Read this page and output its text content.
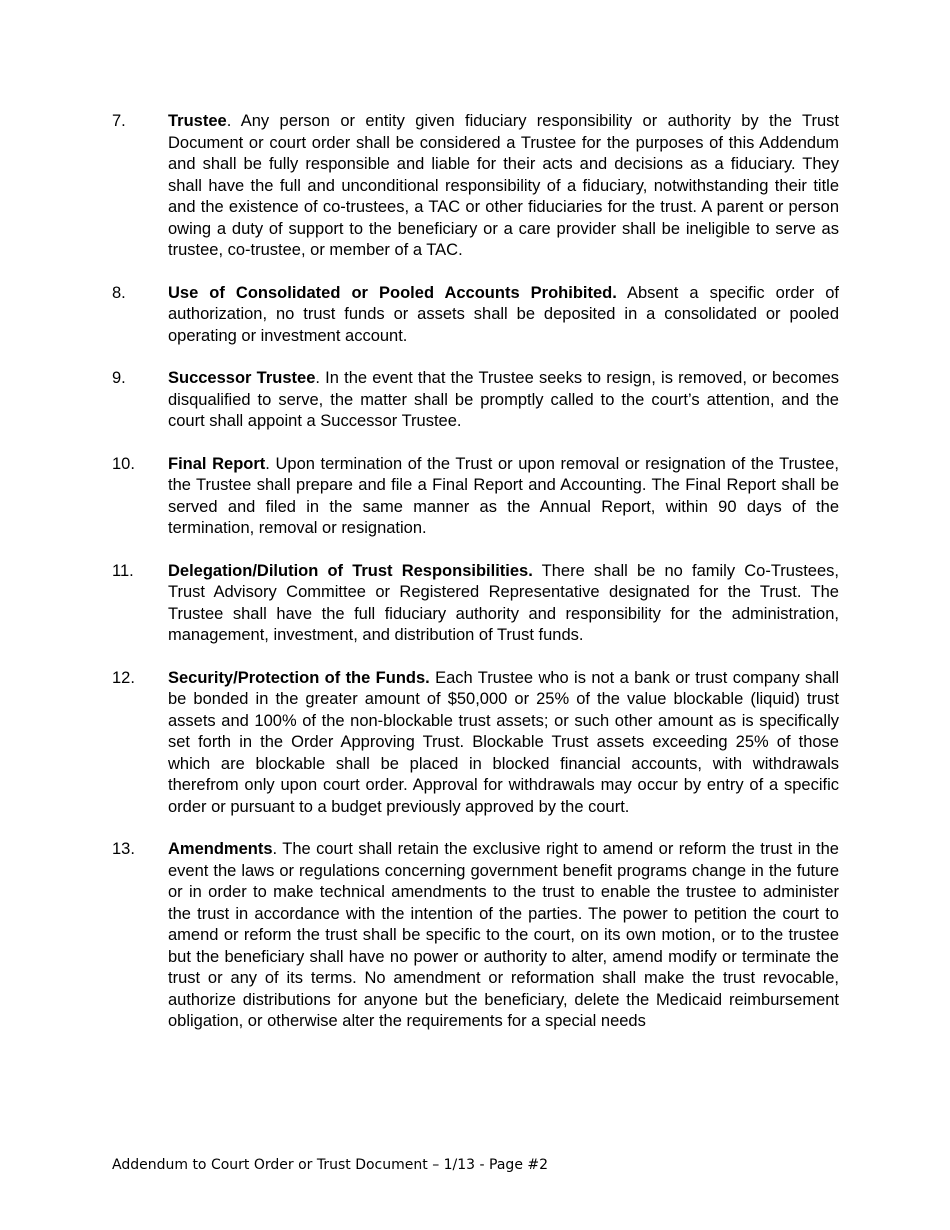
7.	Trustee. Any person or entity given fiduciary responsibility or authority by the Trust Document or court order shall be considered a Trustee for the purposes of this Addendum and shall be fully responsible and liable for their acts and decisions as a fiduciary. They shall have the full and unconditional responsibility of a fiduciary, notwithstanding their title and the existence of co-trustees, a TAC or other fiduciaries for the trust. A parent or person owing a duty of support to the beneficiary or a care provider shall be ineligible to serve as trustee, co-trustee, or member of a TAC.
8.	Use of Consolidated or Pooled Accounts Prohibited. Absent a specific order of authorization, no trust funds or assets shall be deposited in a consolidated or pooled operating or investment account.
9.	Successor Trustee. In the event that the Trustee seeks to resign, is removed, or becomes disqualified to serve, the matter shall be promptly called to the court’s attention, and the court shall appoint a Successor Trustee.
10.	Final Report. Upon termination of the Trust or upon removal or resignation of the Trustee, the Trustee shall prepare and file a Final Report and Accounting. The Final Report shall be served and filed in the same manner as the Annual Report, within 90 days of the termination, removal or resignation.
11.	Delegation/Dilution of Trust Responsibilities. There shall be no family Co-Trustees, Trust Advisory Committee or Registered Representative designated for the Trust. The Trustee shall have the full fiduciary authority and responsibility for the administration, management, investment, and distribution of Trust funds.
12.	Security/Protection of the Funds. Each Trustee who is not a bank or trust company shall be bonded in the greater amount of $50,000 or 25% of the value blockable (liquid) trust assets and 100% of the non-blockable trust assets; or such other amount as is specifically set forth in the Order Approving Trust. Blockable Trust assets exceeding 25% of those which are blockable shall be placed in blocked financial accounts, with withdrawals therefrom only upon court order. Approval for withdrawals may occur by entry of a specific order or pursuant to a budget previously approved by the court.
13.	Amendments. The court shall retain the exclusive right to amend or reform the trust in the event the laws or regulations concerning government benefit programs change in the future or in order to make technical amendments to the trust to enable the trustee to administer the trust in accordance with the intention of the parties. The power to petition the court to amend or reform the trust shall be specific to the court, on its own motion, or to the trustee but the beneficiary shall have no power or authority to alter, amend modify or terminate the trust or any of its terms. No amendment or reformation shall make the trust revocable, authorize distributions for anyone but the beneficiary, delete the Medicaid reimbursement obligation, or otherwise alter the requirements for a special needs
Addendum to Court Order or Trust Document – 1/13 - Page #2
